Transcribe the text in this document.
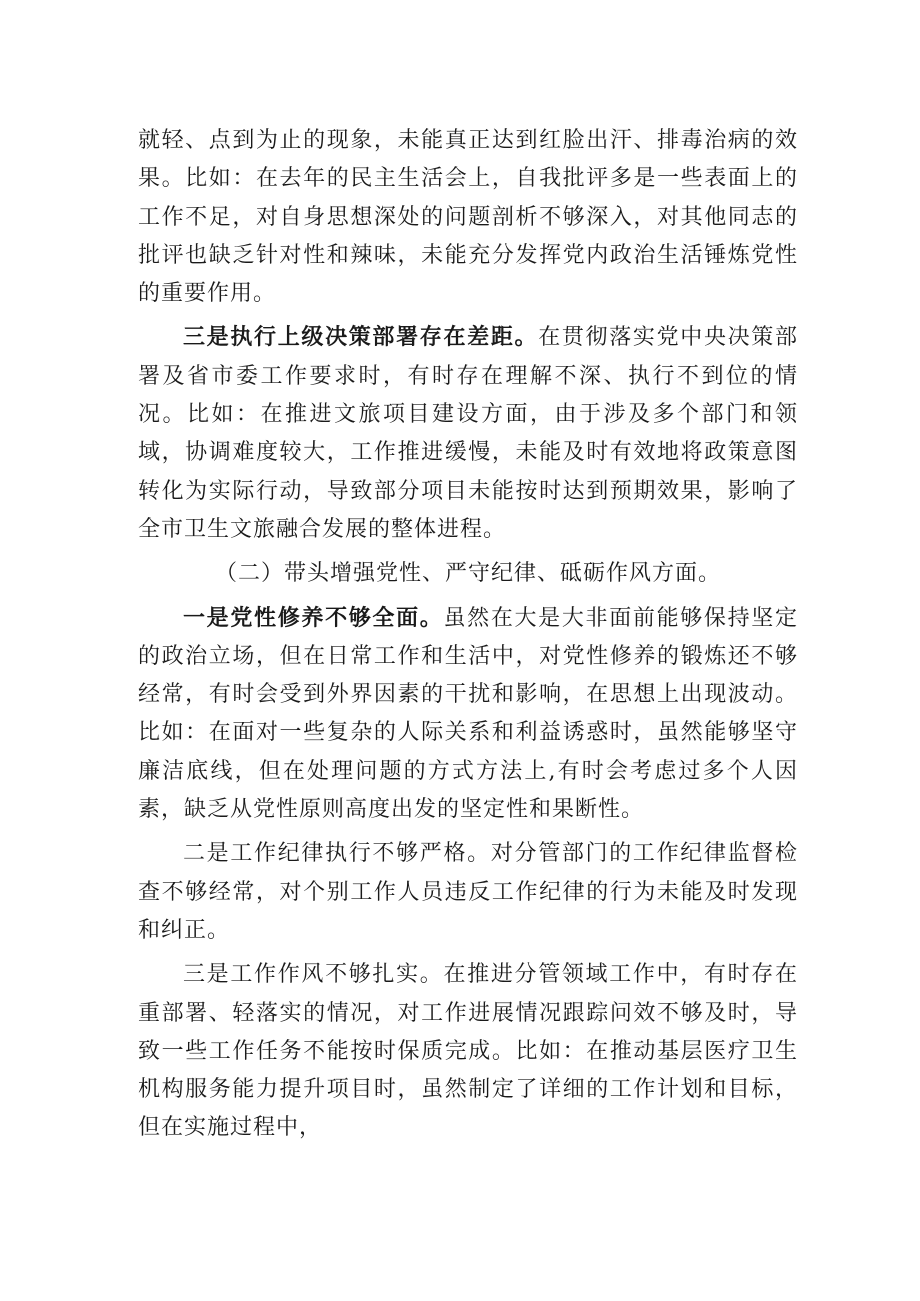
就轻、点到为止的现象，未能真正达到红脸出汗、排毒治病的效果。比如：在去年的民主生活会上，自我批评多是一些表面上的工作不足，对自身思想深处的问题剖析不够深入，对其他同志的批评也缺乏针对性和辣味，未能充分发挥党内政治生活锤炼党性的重要作用。

三是执行上级决策部署存在差距。在贯彻落实党中央决策部署及省市委工作要求时，有时存在理解不深、执行不到位的情况。比如：在推进文旅项目建设方面，由于涉及多个部门和领域，协调难度较大，工作推进缓慢，未能及时有效地将政策意图转化为实际行动，导致部分项目未能按时达到预期效果，影响了全市卫生文旅融合发展的整体进程。

（二）带头增强党性、严守纪律、砥砺作风方面。

一是党性修养不够全面。虽然在大是大非面前能够保持坚定的政治立场，但在日常工作和生活中，对党性修养的锻炼还不够经常，有时会受到外界因素的干扰和影响，在思想上出现波动。比如：在面对一些复杂的人际关系和利益诱惑时，虽然能够坚守廉洁底线，但在处理问题的方式方法上,有时会考虑过多个人因素，缺乏从党性原则高度出发的坚定性和果断性。

二是工作纪律执行不够严格。对分管部门的工作纪律监督检查不够经常，对个别工作人员违反工作纪律的行为未能及时发现和纠正。

三是工作作风不够扎实。在推进分管领域工作中，有时存在重部署、轻落实的情况，对工作进展情况跟踪问效不够及时，导致一些工作任务不能按时保质完成。比如：在推动基层医疗卫生机构服务能力提升项目时，虽然制定了详细的工作计划和目标，但在实施过程中，
